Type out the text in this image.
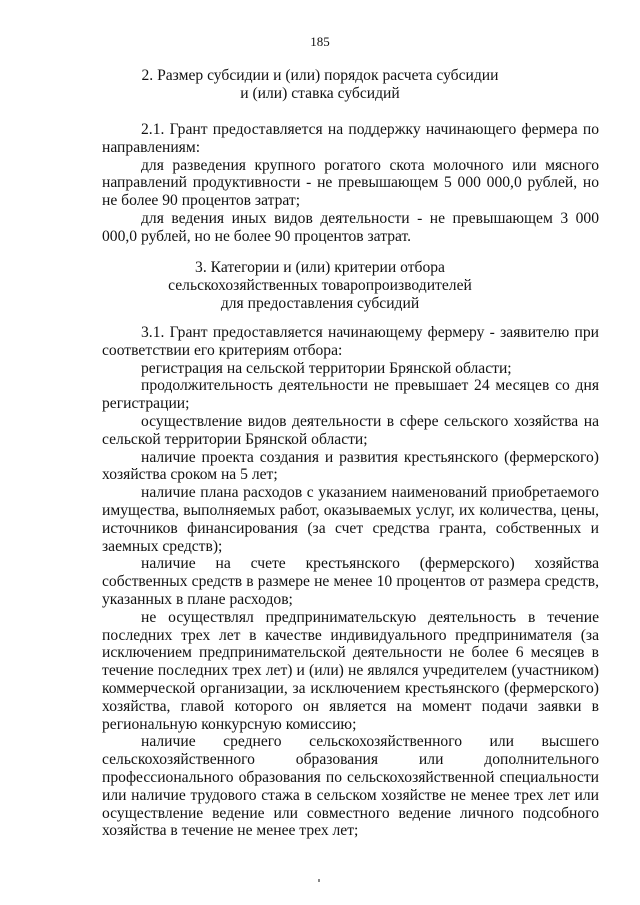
185
2. Размер субсидии и (или) порядок расчета субсидии
и (или) ставка субсидий

2.1. Грант предоставляется на поддержку начинающего фермера по направлениям:

для разведения крупного рогатого скота молочного или мясного направлений продуктивности - не превышающем 5 000 000,0 рублей, но не более 90 процентов затрат;

для ведения иных видов деятельности - не превышающем 3 000 000,0 рублей, но не более 90 процентов затрат.

3. Категории и (или) критерии отбора
сельскохозяйственных товаропроизводителей
для предоставления субсидий

3.1. Грант предоставляется начинающему фермеру - заявителю при соответствии его критериям отбора:

регистрация на сельской территории Брянской области;

продолжительность деятельности не превышает 24 месяцев со дня регистрации;

осуществление видов деятельности в сфере сельского хозяйства на сельской территории Брянской области;

наличие проекта создания и развития крестьянского (фермерского) хозяйства сроком на 5 лет;

наличие плана расходов с указанием наименований приобретаемого имущества, выполняемых работ, оказываемых услуг, их количества, цены, источников финансирования (за счет средства гранта, собственных и заемных средств);

наличие на счете крестьянского (фермерского) хозяйства собственных средств в размере не менее 10 процентов от размера средств, указанных в плане расходов;

не осуществлял предпринимательскую деятельность в течение последних трех лет в качестве индивидуального предпринимателя (за исключением предпринимательской деятельности не более 6 месяцев в течение последних трех лет) и (или) не являлся учредителем (участником) коммерческой организации, за исключением крестьянского (фермерского) хозяйства, главой которого он является на момент подачи заявки в региональную конкурсную комиссию;

наличие среднего сельскохозяйственного или высшего сельскохозяйственного образования или дополнительного профессионального образования по сельскохозяйственной специальности или наличие трудового стажа в сельском хозяйстве не менее трех лет или осуществление ведение или совместного ведение личного подсобного хозяйства в течение не менее трех лет;
